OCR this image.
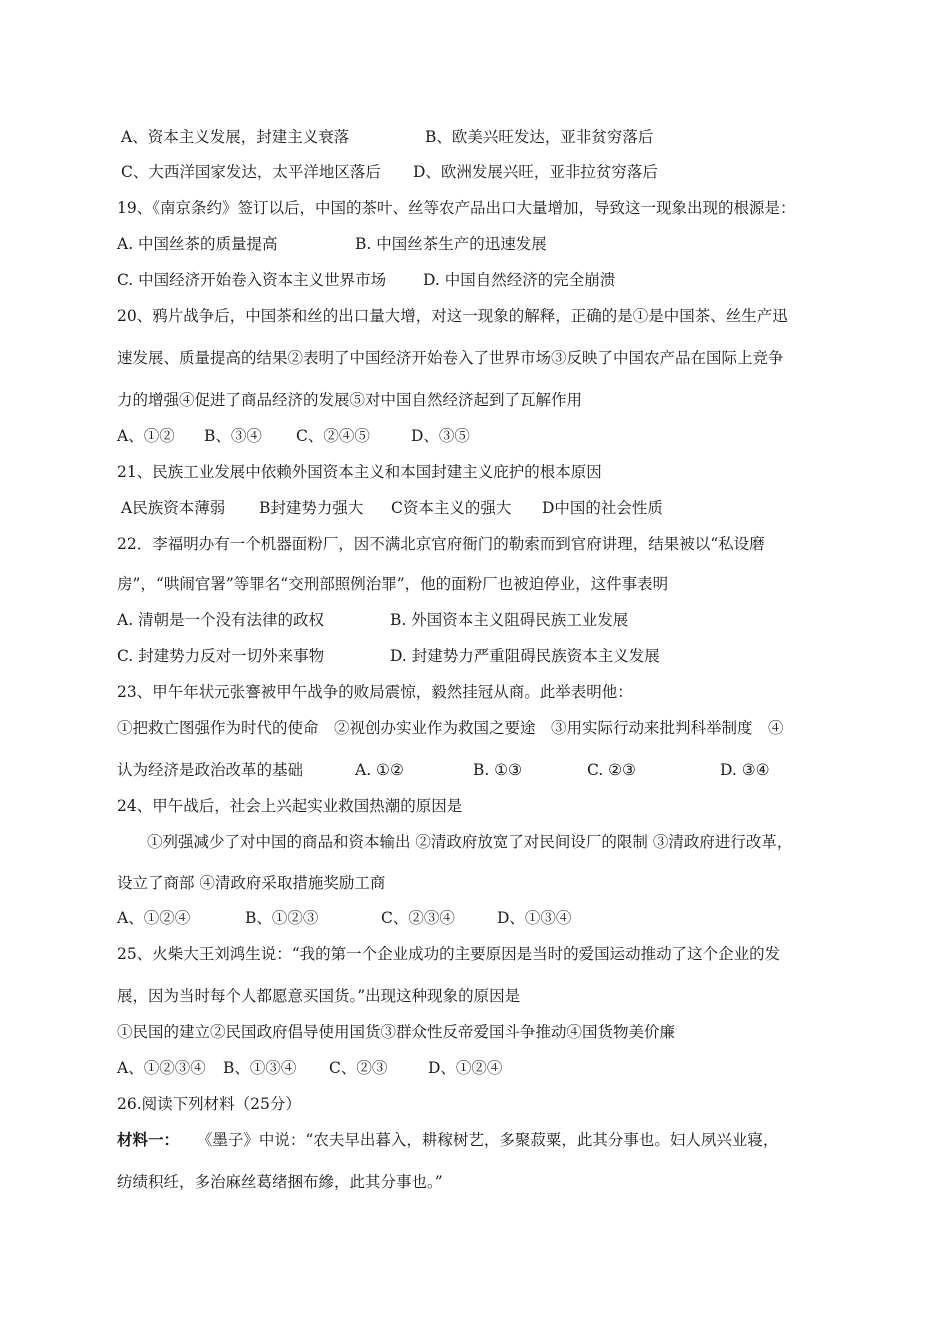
A、资本主义发展，封建主义衰落	B、欧美兴旺发达，亚非贫穷落后
C、大西洋国家发达，太平洋地区落后	D、欧洲发展兴旺，亚非拉贫穷落后
19、《南京条约》签订以后，中国的茶叶、丝等农产品出口大量增加，导致这一现象出现的根源是：
A. 中国丝茶的质量提高	B. 中国丝茶生产的迅速发展
C. 中国经济开始卷入资本主义世界市场	D. 中国自然经济的完全崩溃
20、鸦片战争后，中国茶和丝的出口量大增，对这一现象的解释，正确的是①是中国茶、丝生产迅
速发展、质量提高的结果②表明了中国经济开始卷入了世界市场③反映了中国农产品在国际上竞争
力的增强④促进了商品经济的发展⑤对中国自然经济起到了瓦解作用
A、①②	B、③④	C、②④⑤	D、③⑤
21、民族工业发展中依赖外国资本主义和本国封建主义庇护的根本原因
A民族资本薄弱	B封建势力强大	C资本主义的强大	D中国的社会性质
22．李福明办有一个机器面粉厂，因不满北京官府衙门的勒索而到官府讲理，结果被以“私设磨
房”，“哄闹官署”等罪名“交刑部照例治罪”，他的面粉厂也被迫停业，这件事表明
A. 清朝是一个没有法律的政权	B. 外国资本主义阻碍民族工业发展
C. 封建势力反对一切外来事物	D. 封建势力严重阻碍民族资本主义发展
23、甲午年状元张謇被甲午战争的败局震惊，毅然挂冠从商。此举表明他：
①把救亡图强作为时代的使命　②视创办实业作为救国之要途　③用实际行动来批判科举制度　④
认为经济是政治改革的基础	A. ①②	B. ①③	C. ②③	D. ③④
24、甲午战后，社会上兴起实业救国热潮的原因是
①列强减少了对中国的商品和资本输出 ②清政府放宽了对民间设厂的限制 ③清政府进行改革，
设立了商部 ④清政府采取措施奖励工商
A、①②④	B、①②③	C、②③④	D、①③④
25、火柴大王刘鸿生说：“我的第一个企业成功的主要原因是当时的爱国运动推动了这个企业的发
展，因为当时每个人都愿意买国货。”出现这种现象的原因是
①民国的建立②民国政府倡导使用国货③群众性反帝爱国斗争推动④国货物美价廉
A、①②③④	B、①③④	C、②③	D、①②④
26.阅读下列材料（25分）
材料一： 《墨子》中说：“农夫早出暮入，耕稼树艺，多聚菽粟，此其分事也。妇人夙兴业寝，
纺绩积纴，多治麻丝葛绪捆布縿，此其分事也。”
